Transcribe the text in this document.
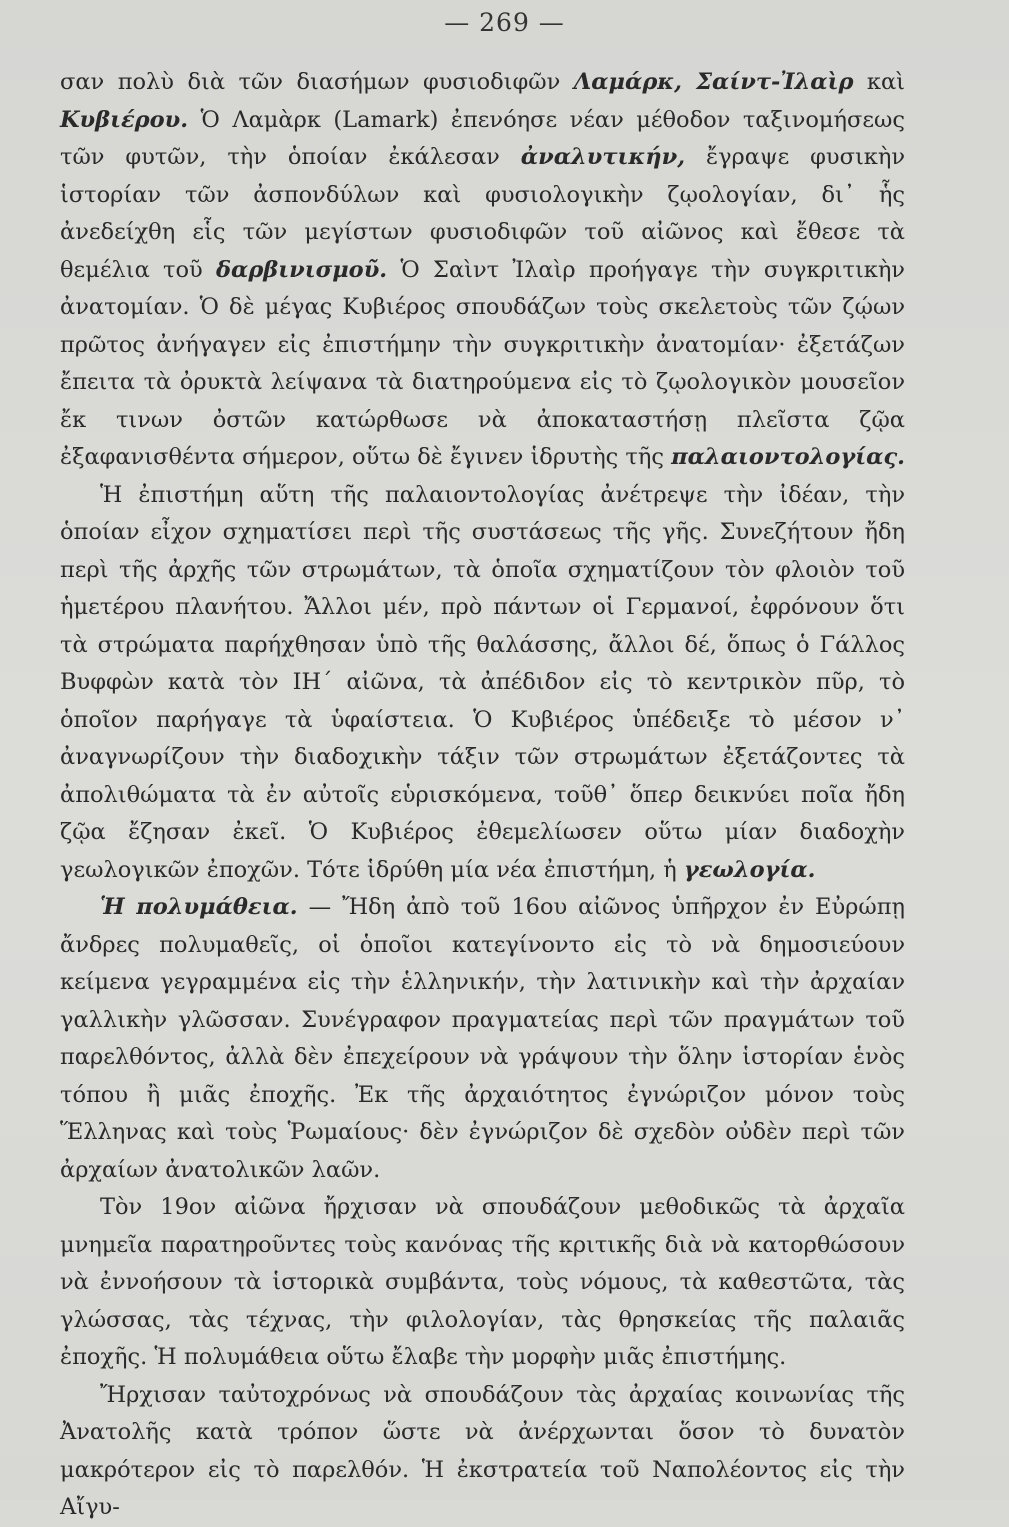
— 269 —

σαν πολὺ διὰ τῶν διασήμων φυσιοδιφῶν Λαμάρκ, Σαίντ-Ἰλαὶρ καὶ Κυβιέρου. Ὁ Λαμὰρκ (Lamark) ἐπενόησε νέαν μέθοδον ταξινομήσεως τῶν φυτῶν, τὴν ὁποίαν ἐκάλεσαν ἀναλυτικήν, ἔγραψε φυσικὴν ἱστορίαν τῶν ἀσπονδύλων καὶ φυσιολογικὴν ζῳολογίαν, δι᾽ ἧς ἀνεδείχθη εἷς τῶν μεγίστων φυσιοδιφῶν τοῦ αἰῶνος καὶ ἔθεσε τὰ θεμέλια τοῦ δαρβινισμοῦ. Ὁ Σαὶντ Ἰλαὶρ προήγαγε τὴν συγκριτικὴν ἀνατομίαν. Ὁ δὲ μέγας Κυβιέρος σπουδάζων τοὺς σκελετοὺς τῶν ζῴων πρῶτος ἀνήγαγεν εἰς ἐπιστήμην τὴν συγκριτικὴν ἀνατομίαν· ἐξετάζων ἔπειτα τὰ ὀρυκτὰ λείψανα τὰ διατηρούμενα εἰς τὸ ζῳολογικὸν μουσεῖον ἔκ τινων ὀστῶν κατώρθωσε νὰ ἀποκαταστήσῃ πλεῖστα ζῷα ἐξαφανισθέντα σήμερον, οὕτω δὲ ἔγινεν ἱδρυτὴς τῆς παλαιοντολογίας.

Ἡ ἐπιστήμη αὕτη τῆς παλαιοντολογίας ἀνέτρεψε τὴν ἰδέαν, τὴν ὁποίαν εἶχον σχηματίσει περὶ τῆς συστάσεως τῆς γῆς. Συνεζήτουν ἤδη περὶ τῆς ἀρχῆς τῶν στρωμάτων, τὰ ὁποῖα σχηματίζουν τὸν φλοιὸν τοῦ ἡμετέρου πλανήτου. Ἄλλοι μέν, πρὸ πάντων οἱ Γερμανοί, ἐφρόνουν ὅτι τὰ στρώματα παρήχθησαν ὑπὸ τῆς θαλάσσης, ἄλλοι δέ, ὅπως ὁ Γάλλος Βυφφὼν κατὰ τὸν ΙΗ´ αἰῶνα, τὰ ἀπέδιδον εἰς τὸ κεντρικὸν πῦρ, τὸ ὁποῖον παρήγαγε τὰ ὑφαίστεια. Ὁ Κυβιέρος ὑπέδειξε τὸ μέσον ν᾽ ἀναγνωρίζουν τὴν διαδοχικὴν τάξιν τῶν στρωμάτων ἐξετάζοντες τὰ ἀπολιθώματα τὰ ἐν αὐτοῖς εὑρισκόμενα, τοῦθ᾽ ὅπερ δεικνύει ποῖα ἤδη ζῷα ἔζησαν ἐκεῖ. Ὁ Κυβιέρος ἐθεμελίωσεν οὕτω μίαν διαδοχὴν γεωλογικῶν ἐποχῶν. Τότε ἱδρύθη μία νέα ἐπιστήμη, ἡ γεωλογία.

Ἡ πολυμάθεια. — Ἤδη ἀπὸ τοῦ 16ου αἰῶνος ὑπῆρχον ἐν Εὐρώπῃ ἄνδρες πολυμαθεῖς, οἱ ὁποῖοι κατεγίνοντο εἰς τὸ νὰ δημοσιεύουν κείμενα γεγραμμένα εἰς τὴν ἑλληνικήν, τὴν λατινικὴν καὶ τὴν ἀρχαίαν γαλλικὴν γλῶσσαν. Συνέγραφον πραγματείας περὶ τῶν πραγμάτων τοῦ παρελθόντος, ἀλλὰ δὲν ἐπεχείρουν νὰ γράψουν τὴν ὅλην ἱστορίαν ἑνὸς τόπου ἢ μιᾶς ἐποχῆς. Ἐκ τῆς ἀρχαιότητος ἐγνώριζον μόνον τοὺς Ἕλληνας καὶ τοὺς Ῥωμαίους· δὲν ἐγνώριζον δὲ σχεδὸν οὐδὲν περὶ τῶν ἀρχαίων ἀνατολικῶν λαῶν.

Τὸν 19ον αἰῶνα ἤρχισαν νὰ σπουδάζουν μεθοδικῶς τὰ ἀρχαῖα μνημεῖα παρατηροῦντες τοὺς κανόνας τῆς κριτικῆς διὰ νὰ κατορθώσουν νὰ ἐννοήσουν τὰ ἱστορικὰ συμβάντα, τοὺς νόμους, τὰ καθεστῶτα, τὰς γλώσσας, τὰς τέχνας, τὴν φιλολογίαν, τὰς θρησκείας τῆς παλαιᾶς ἐποχῆς. Ἡ πολυμάθεια οὕτω ἔλαβε τὴν μορφὴν μιᾶς ἐπιστήμης.

Ἤρχισαν ταὐτοχρόνως νὰ σπουδάζουν τὰς ἀρχαίας κοινωνίας τῆς Ἀνατολῆς κατὰ τρόπον ὥστε νὰ ἀνέρχωνται ὅσον τὸ δυνατὸν μακρότερον εἰς τὸ παρελθόν. Ἡ ἐκστρατεία τοῦ Ναπολέοντος εἰς τὴν Αἴγυ-
